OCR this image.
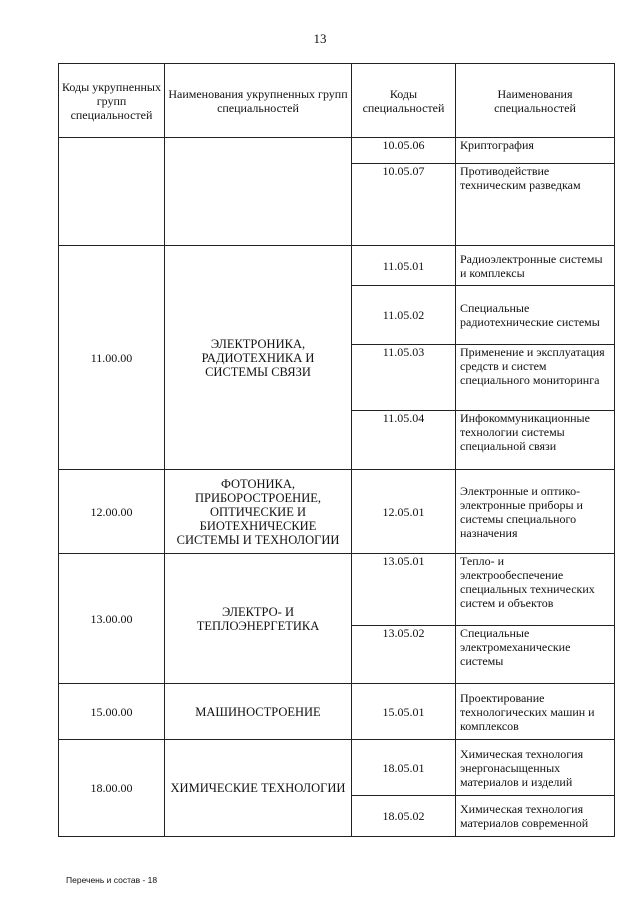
13
Коды укрупненных групп специальностей	Наименования укрупненных групп специальностей	Коды специальностей	Наименования специальностей
		10.05.06	Криптография
		10.05.07	Противодействие техническим разведкам
11.00.00	ЭЛЕКТРОНИКА, РАДИОТЕХНИКА И СИСТЕМЫ СВЯЗИ	11.05.01	Радиоэлектронные системы и комплексы
		11.05.02	Специальные радиотехнические системы
		11.05.03	Применение и эксплуатация средств и систем специального мониторинга
		11.05.04	Инфокоммуникационные технологии системы специальной связи
12.00.00	ФОТОНИКА, ПРИБОРОСТРОЕНИЕ, ОПТИЧЕСКИЕ И БИОТЕХНИЧЕСКИЕ СИСТЕМЫ И ТЕХНОЛОГИИ	12.05.01	Электронные и оптико-электронные приборы и системы специального назначения
13.00.00	ЭЛЕКТРО- И ТЕПЛОЭНЕРГЕТИКА	13.05.01	Тепло- и электрообеспечение специальных технических систем и объектов
		13.05.02	Специальные электромеханические системы
15.00.00	МАШИНОСТРОЕНИЕ	15.05.01	Проектирование технологических машин и комплексов
18.00.00	ХИМИЧЕСКИЕ ТЕХНОЛОГИИ	18.05.01	Химическая технология энергонасыщенных материалов и изделий
		18.05.02	Химическая технология материалов современной
Перечень и состав - 18
